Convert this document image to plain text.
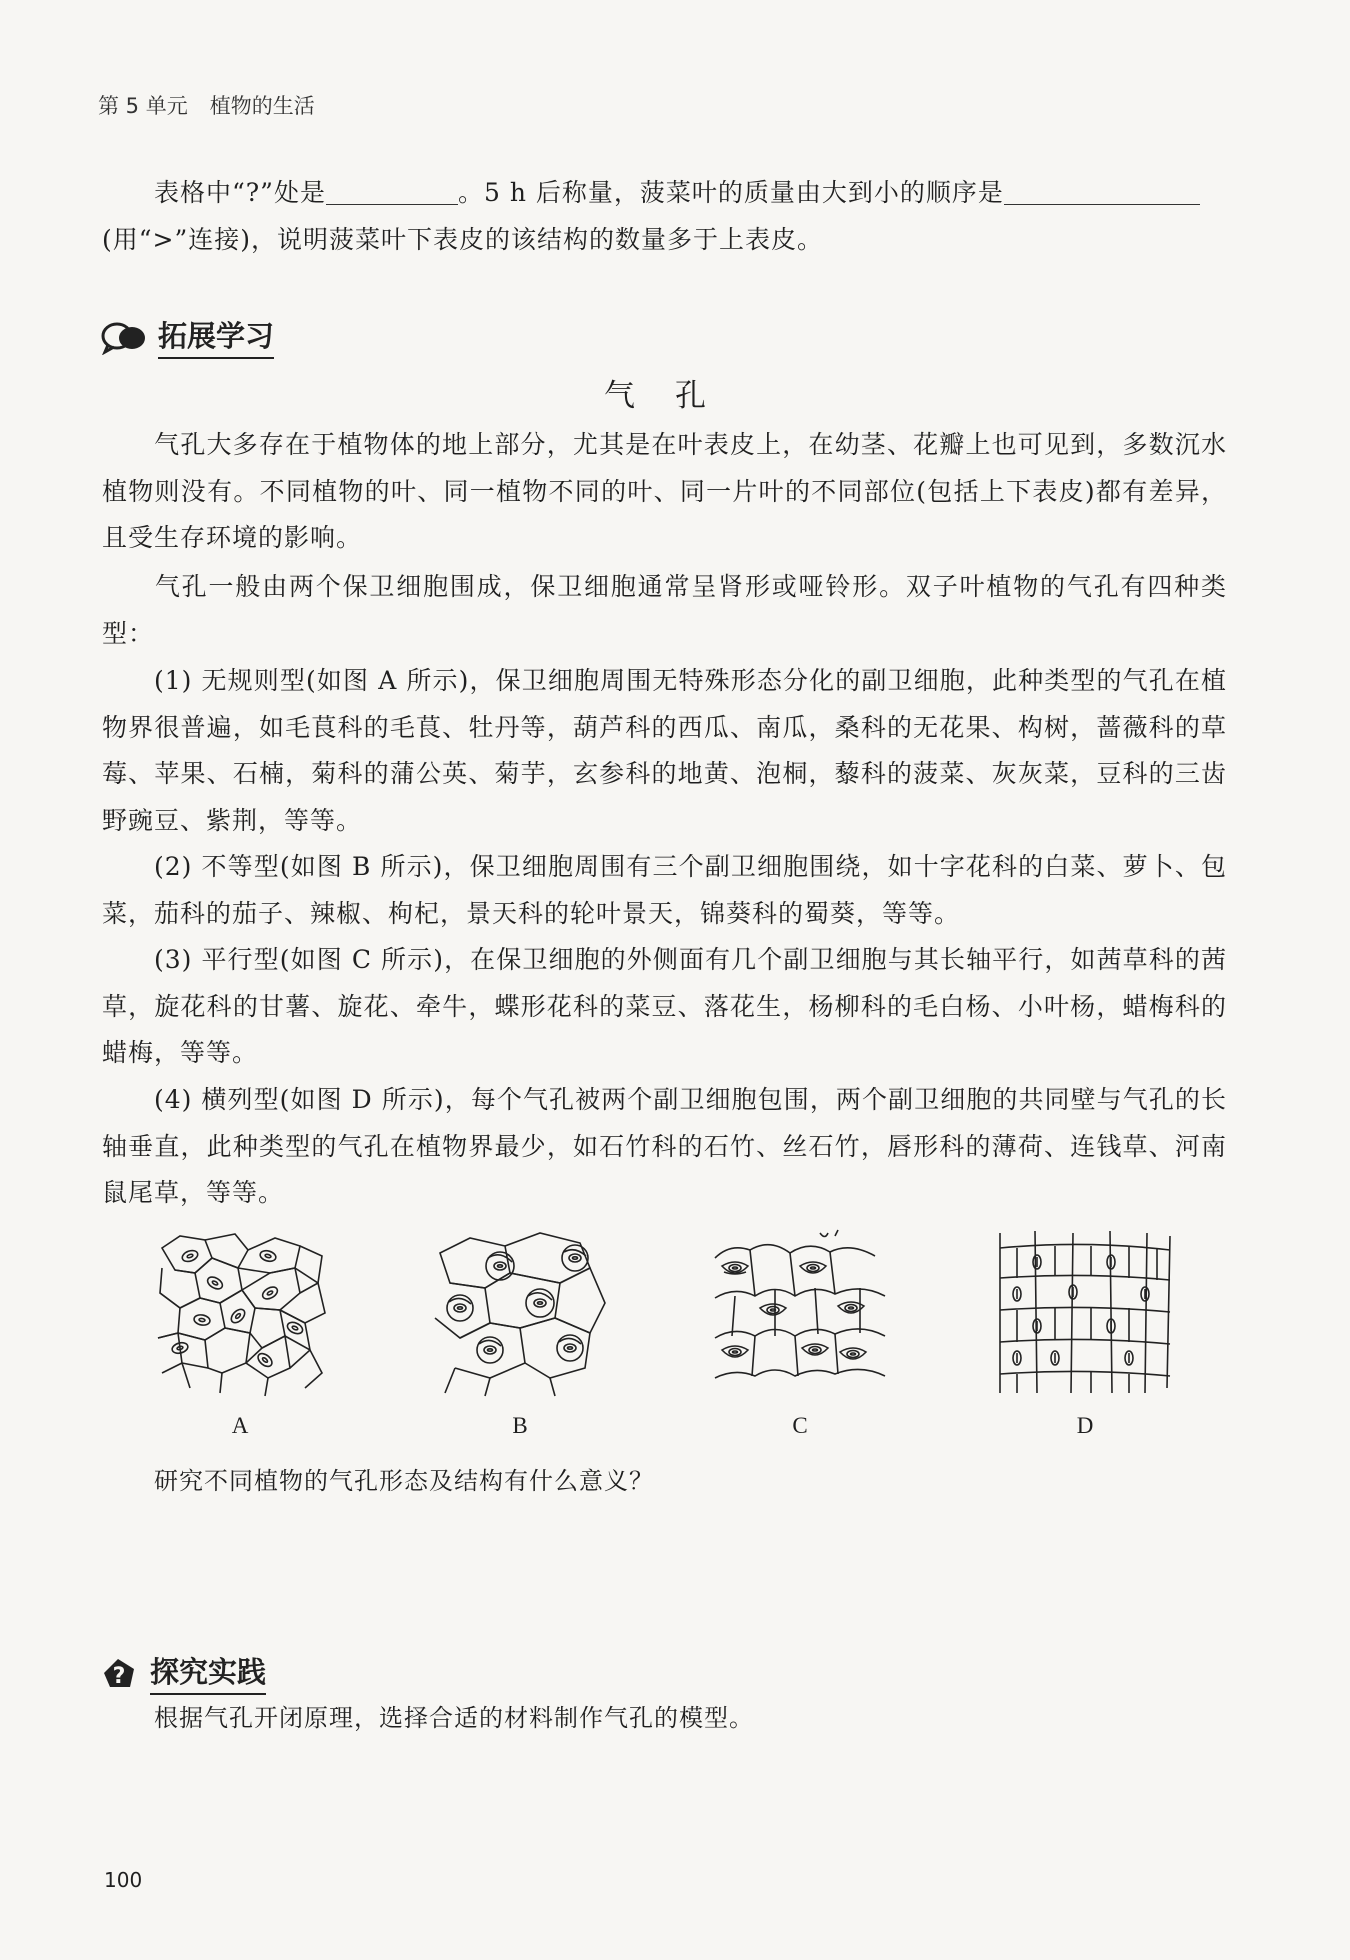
第 5 单元 植物的生活
表格中“?”处是	。5 h 后称量，菠菜叶的质量由大到小的顺序是
(用“>”连接)，说明菠菜叶下表皮的该结构的数量多于上表皮。
拓展学习
气孔
气孔大多存在于植物体的地上部分，尤其是在叶表皮上，在幼茎、花瓣上也可见到，多数沉水植物则没有。不同植物的叶、同一植物不同的叶、同一片叶的不同部位(包括上下表皮)都有差异，且受生存环境的影响。
气孔一般由两个保卫细胞围成，保卫细胞通常呈肾形或哑铃形。双子叶植物的气孔有四种类型：
(1) 无规则型(如图 A 所示)，保卫细胞周围无特殊形态分化的副卫细胞，此种类型的气孔在植物界很普遍，如毛茛科的毛茛、牡丹等，葫芦科的西瓜、南瓜，桑科的无花果、构树，蔷薇科的草莓、苹果、石楠，菊科的蒲公英、菊芋，玄参科的地黄、泡桐，藜科的菠菜、灰灰菜，豆科的三齿野豌豆、紫荆，等等。
(2) 不等型(如图 B 所示)，保卫细胞周围有三个副卫细胞围绕，如十字花科的白菜、萝卜、包菜，茄科的茄子、辣椒、枸杞，景天科的轮叶景天，锦葵科的蜀葵，等等。
(3) 平行型(如图 C 所示)，在保卫细胞的外侧面有几个副卫细胞与其长轴平行，如茜草科的茜草，旋花科的甘薯、旋花、牵牛，蝶形花科的菜豆、落花生，杨柳科的毛白杨、小叶杨，蜡梅科的蜡梅，等等。
(4) 横列型(如图 D 所示)，每个气孔被两个副卫细胞包围，两个副卫细胞的共同壁与气孔的长轴垂直，此种类型的气孔在植物界最少，如石竹科的石竹、丝石竹，唇形科的薄荷、连钱草、河南鼠尾草，等等。
A	B	C	D
研究不同植物的气孔形态及结构有什么意义？
? 探究实践
根据气孔开闭原理，选择合适的材料制作气孔的模型。
100
